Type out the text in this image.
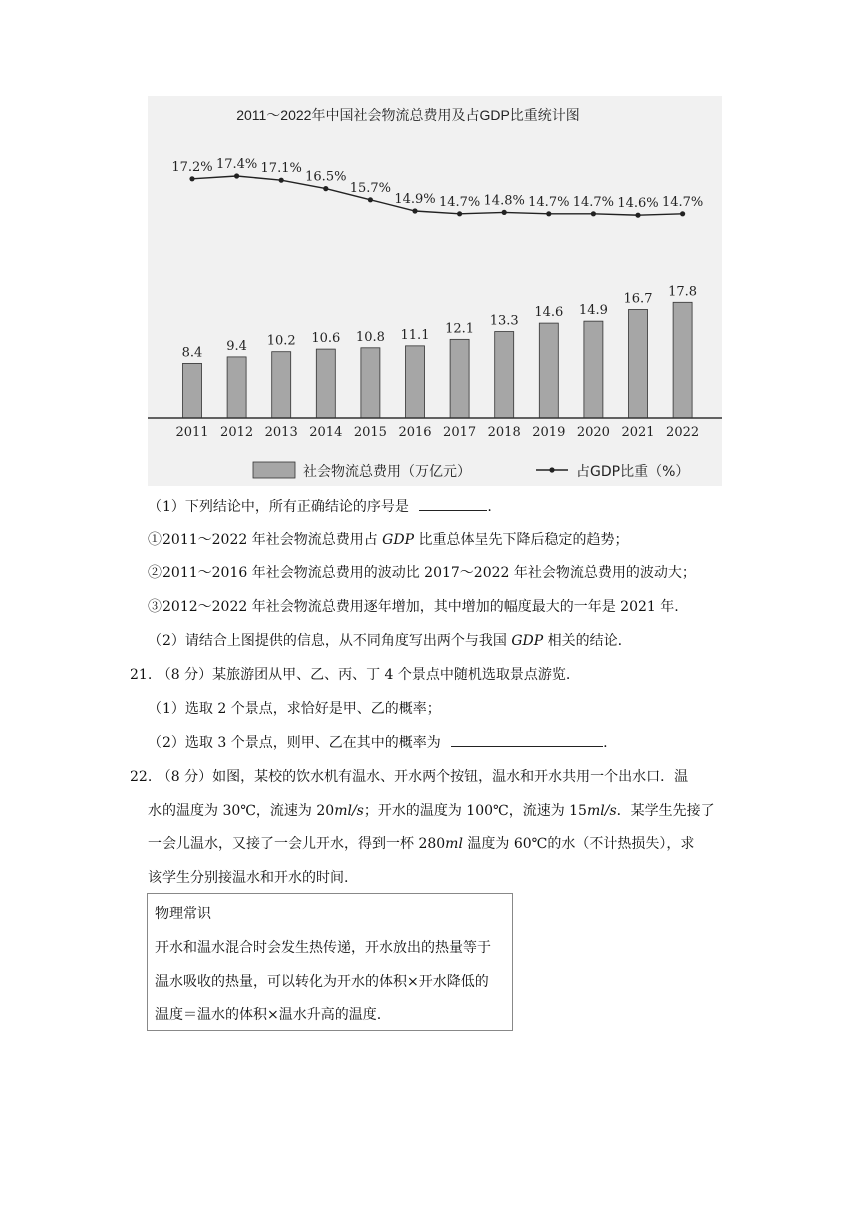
2011～2022年中国社会物流总费用及占GDP比重统计图
8.4 9.4 10.2 10.6 10.8 11.1 12.1
13.3
14.6 14.9
16.7 17.8
17.2% 17.4% 17.1%
16.5%
15.7%
14.9% 14.7% 14.8% 14.7% 14.7% 14.6% 14.7%
2011 2012 2013 2014 2015 2016 2017 2018 2019 2020 2021 2022
社会物流总费用（万亿元）	占GDP比重（%）
（1）下列结论中，所有正确结论的序号是	.
①2011～2022 年社会物流总费用占 GDP 比重总体呈先下降后稳定的趋势；
②2011～2016 年社会物流总费用的波动比 2017～2022 年社会物流总费用的波动大；
③2012～2022 年社会物流总费用逐年增加，其中增加的幅度最大的一年是 2021 年.
（2）请结合上图提供的信息，从不同角度写出两个与我国 GDP 相关的结论.
21. （8 分）某旅游团从甲、乙、丙、丁 4 个景点中随机选取景点游览.
（1）选取 2 个景点，求恰好是甲、乙的概率；
（2）选取 3 个景点，则甲、乙在其中的概率为	.
22. （8 分）如图，某校的饮水机有温水、开水两个按钮，温水和开水共用一个出水口．温
水的温度为 30℃，流速为 20ml/s；开水的温度为 100℃，流速为 15ml/s．某学生先接了
一会儿温水，又接了一会儿开水，得到一杯 280ml 温度为 60℃的水（不计热损失），求
该学生分别接温水和开水的时间.
物理常识
开水和温水混合时会发生热传递，开水放出的热量等于
温水吸收的热量，可以转化为开水的体积×开水降低的
温度＝温水的体积×温水升高的温度.
